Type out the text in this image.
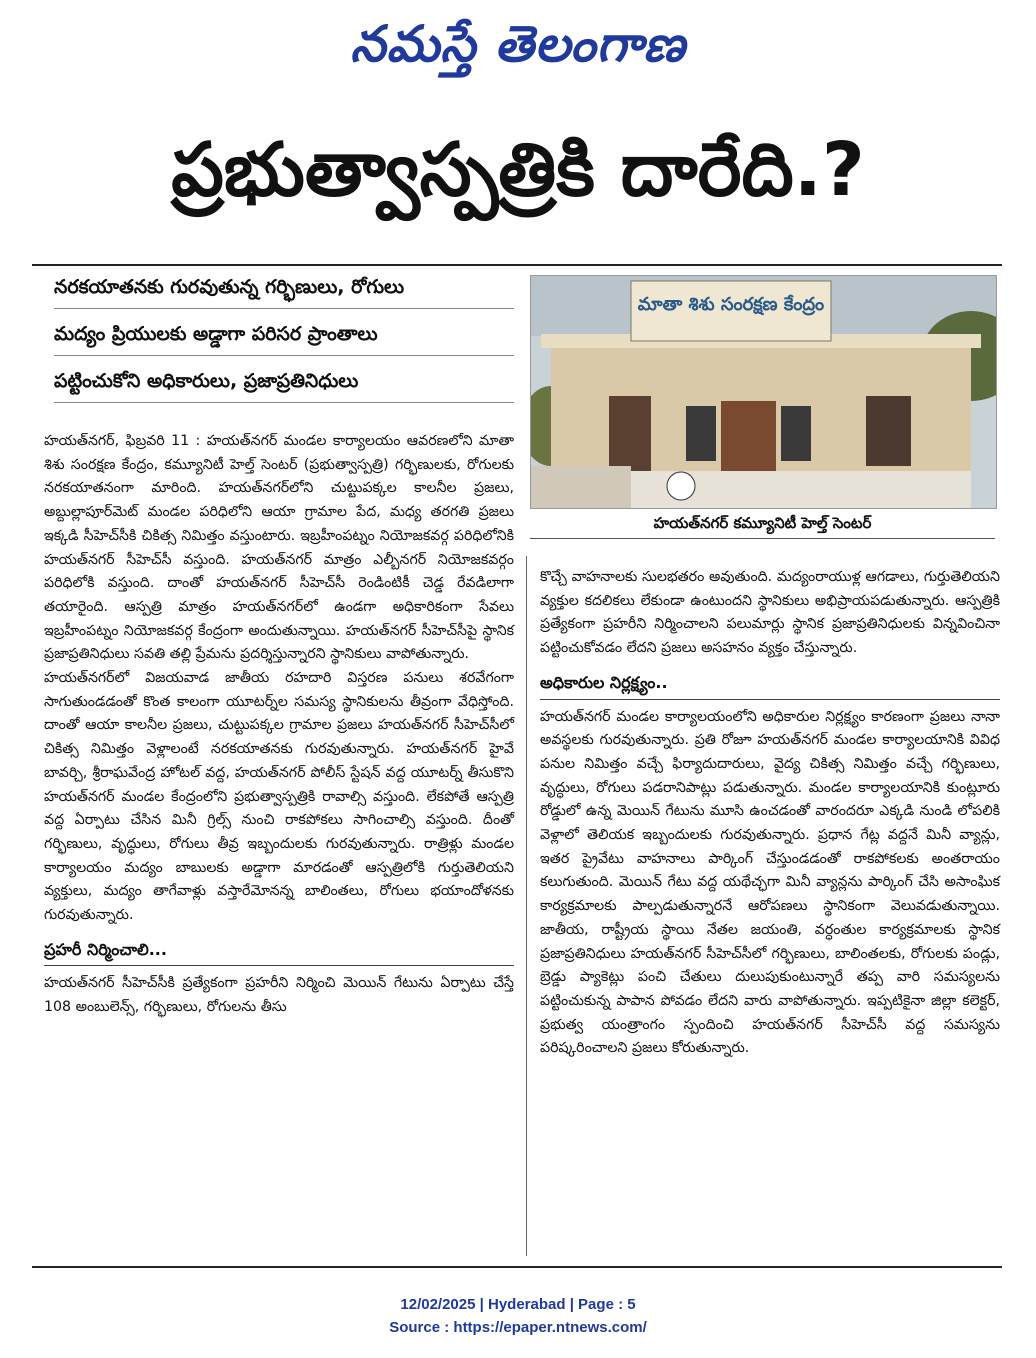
నమస్తే తెలంగాణ
ప్రభుత్వాస్పత్రికి దారేది.?
నరకయాతనకు గురవుతున్న గర్భిణులు, రోగులు
మద్యం ప్రియులకు అడ్డాగా పరిసర ప్రాంతాలు
పట్టించుకోని అధికారులు, ప్రజాప్రతినిధులు
మాతా శిశు సంరక్షణ కేంద్రం
హయత్‌నగర్ కమ్యూనిటీ హెల్త్ సెంటర్

హయత్‌నగర్, ఫిబ్రవరి 11 : హయత్‌నగర్ మండల కార్యాలయం ఆవరణలోని మాతా శిశు సంరక్షణ కేంద్రం, కమ్యూనిటీ హెల్త్ సెంటర్ (ప్రభుత్వాస్పత్రి) గర్భిణులకు, రోగులకు నరకయాతనంగా మారింది. హయత్‌నగర్‌లోని చుట్టుపక్కల కాలనీల ప్రజలు, అబ్దుల్లాపూర్‌మెట్ మండల పరిధిలోని ఆయా గ్రామాల పేద, మధ్య తరగతి ప్రజలు ఇక్కడి సీహెచ్‌సీకి చికిత్స నిమిత్తం వస్తుంటారు. ఇబ్రహీంపట్నం నియోజకవర్గ పరిధిలోనికి హయత్‌నగర్ సీహెచ్‌సీ వస్తుంది. హయత్‌నగర్ మాత్రం ఎల్బీనగర్ నియోజకవర్గం పరిధిలోకి వస్తుంది. దాంతో హయత్‌నగర్ సీహెచ్‌సీ రెండింటికీ చెడ్డ రేవడిలాగా తయారైంది. ఆస్పత్రి మాత్రం హయత్‌నగర్‌లో ఉండగా అధికారికంగా సేవలు ఇబ్రహీంపట్నం నియోజకవర్గ కేంద్రంగా అందుతున్నాయి. హయత్‌నగర్ సీహెచ్‌సీపై స్థానిక ప్రజాప్రతినిధులు సవతి తల్లి ప్రేమను ప్రదర్శిస్తున్నారని స్థానికులు వాపోతున్నారు.

హయత్‌నగర్‌లో విజయవాడ జాతీయ రహదారి విస్తరణ పనులు శరవేగంగా సాగుతుండడంతో కొంత కాలంగా యూటర్న్‌ల సమస్య స్థానికులను తీవ్రంగా వేధిస్తోంది. దాంతో ఆయా కాలనీల ప్రజలు, చుట్టుపక్కల గ్రామాల ప్రజలు హయత్‌నగర్ సీహెచ్‌సీలో చికిత్స నిమిత్తం వెళ్లాలంటే నరకయాతనకు గురవుతున్నారు. హయత్‌నగర్ హైవే బావర్చి, శ్రీరాఘవేంద్ర హోటల్ వద్ద, హయత్‌నగర్ పోలీస్ స్టేషన్ వద్ద యూటర్న్ తీసుకొని హయత్‌నగర్ మండల కేంద్రంలోని ప్రభుత్వాస్పత్రికి రావాల్సి వస్తుంది. లేకపోతే ఆస్పత్రి వద్ద ఏర్పాటు చేసిన మినీ గ్రిల్స్ నుంచి రాకపోకలు సాగించాల్సి వస్తుంది. దీంతో గర్భిణులు, వృద్ధులు, రోగులు తీవ్ర ఇబ్బందులకు గురవుతున్నారు. రాత్రిళ్లు మండల కార్యాలయం మద్యం బాబులకు అడ్డాగా మారడంతో ఆస్పత్రిలోకి గుర్తుతెలియని వ్యక్తులు, మద్యం తాగేవాళ్లు వస్తారేమోనన్న బాలింతలు, రోగులు భయాందోళనకు గురవుతున్నారు.

ప్రహరీ నిర్మించాలి...

హయత్‌నగర్ సీహెచ్‌సీకి ప్రత్యేకంగా ప్రహరీని నిర్మించి మెయిన్ గేటును ఏర్పాటు చేస్తే 108 అంబులెన్స్, గర్భిణులు, రోగులను తీసు

కొచ్చే వాహనాలకు సులభతరం అవుతుంది. మద్యంరాయుళ్ల ఆగడాలు, గుర్తుతెలియని వ్యక్తుల కదలికలు లేకుండా ఉంటుందని స్థానికులు అభిప్రాయపడుతున్నారు. ఆస్పత్రికి ప్రత్యేకంగా ప్రహరీని నిర్మించాలని పలుమార్లు స్థానిక ప్రజాప్రతినిధులకు విన్నవించినా పట్టించుకోవడం లేదని ప్రజలు అసహనం వ్యక్తం చేస్తున్నారు.

అధికారుల నిర్లక్ష్యం..

హయత్‌నగర్ మండల కార్యాలయంలోని అధికారుల నిర్లక్ష్యం కారణంగా ప్రజలు నానా అవస్థలకు గురవుతున్నారు. ప్రతి రోజూ హయత్‌నగర్ మండల కార్యాలయానికి వివిధ పనుల నిమిత్తం వచ్చే ఫిర్యాదుదారులు, వైద్య చికిత్స నిమిత్తం వచ్చే గర్భిణులు, వృద్ధులు, రోగులు పడరానిపాట్లు పడుతున్నారు. మండల కార్యాలయానికి కుంట్లూరు రోడ్డులో ఉన్న మెయిన్ గేటును మూసి ఉంచడంతో వారందరూ ఎక్కడి నుండి లోపలికి వెళ్లాలో తెలియక ఇబ్బందులకు గురవుతున్నారు. ప్రధాన గేట్ల వద్దనే మినీ వ్యాన్లు, ఇతర ప్రైవేటు వాహనాలు పార్కింగ్ చేస్తుండడంతో రాకపోకలకు అంతరాయం కలుగుతుంది. మెయిన్ గేటు వద్ద యథేచ్ఛగా మినీ వ్యాన్లను పార్కింగ్ చేసి అసాంఘిక కార్యక్రమాలకు పాల్పడుతున్నారనే ఆరోపణలు స్థానికంగా వెలువడుతున్నాయి. జాతీయ, రాష్ట్రీయ స్థాయి నేతల జయంతి, వర్ధంతుల కార్యక్రమాలకు స్థానిక ప్రజాప్రతినిధులు హయత్‌నగర్ సీహెచ్‌సీలో గర్భిణులు, బాలింతలకు, రోగులకు పండ్లు, బ్రెడ్డు ప్యాకెట్లు పంచి చేతులు దులుపుకుంటున్నారే తప్ప వారి సమస్యలను పట్టించుకున్న పాపాన పోవడం లేదని వారు వాపోతున్నారు. ఇప్పటికైనా జిల్లా కలెక్టర్, ప్రభుత్వ యంత్రాంగం స్పందించి హయత్‌నగర్ సీహెచ్‌సీ వద్ద సమస్యను పరిష్కరించాలని ప్రజలు కోరుతున్నారు.

12/02/2025 | Hyderabad | Page : 5
Source : https://epaper.ntnews.com/
